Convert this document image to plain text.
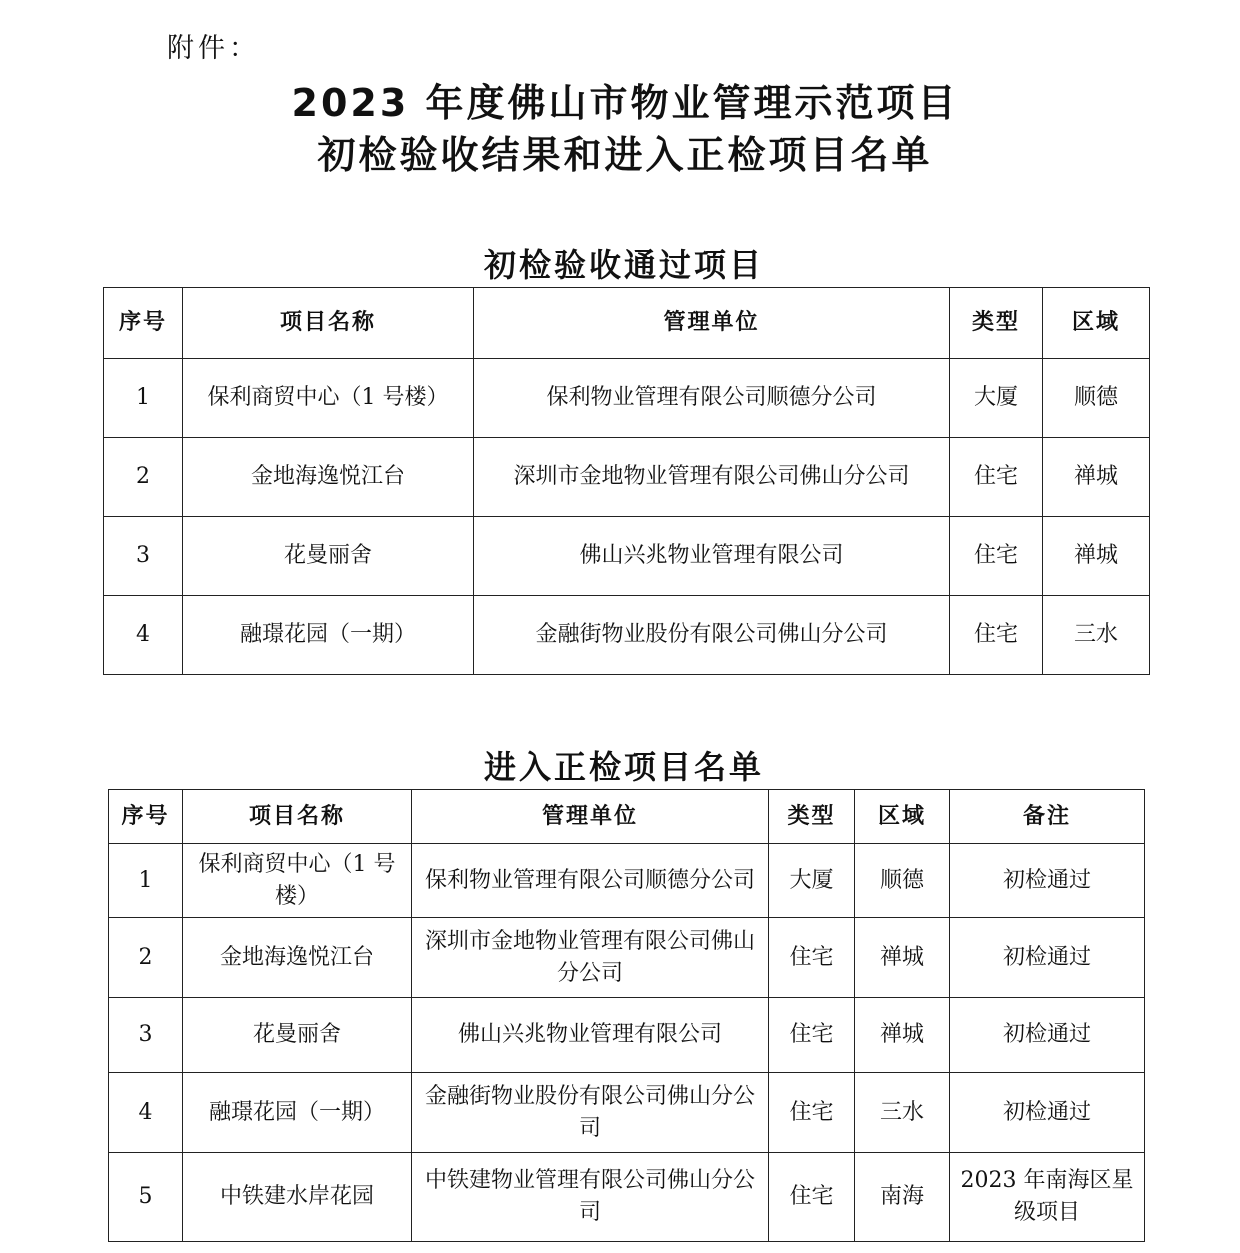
附件：
2023 年度佛山市物业管理示范项目
初检验收结果和进入正检项目名单
初检验收通过项目
序号	项目名称	管理单位	类型	区域
1	保利商贸中心（1 号楼）	保利物业管理有限公司顺德分公司	大厦	顺德
2	金地海逸悦江台	深圳市金地物业管理有限公司佛山分公司	住宅	禅城
3	花曼丽舍	佛山兴兆物业管理有限公司	住宅	禅城
4	融璟花园（一期）	金融街物业股份有限公司佛山分公司	住宅	三水
进入正检项目名单
序号	项目名称	管理单位	类型	区域	备注
1	保利商贸中心（1 号楼）	保利物业管理有限公司顺德分公司	大厦	顺德	初检通过
2	金地海逸悦江台	深圳市金地物业管理有限公司佛山分公司	住宅	禅城	初检通过
3	花曼丽舍	佛山兴兆物业管理有限公司	住宅	禅城	初检通过
4	融璟花园（一期）	金融街物业股份有限公司佛山分公司	住宅	三水	初检通过
5	中铁建水岸花园	中铁建物业管理有限公司佛山分公司	住宅	南海	2023 年南海区星级项目
